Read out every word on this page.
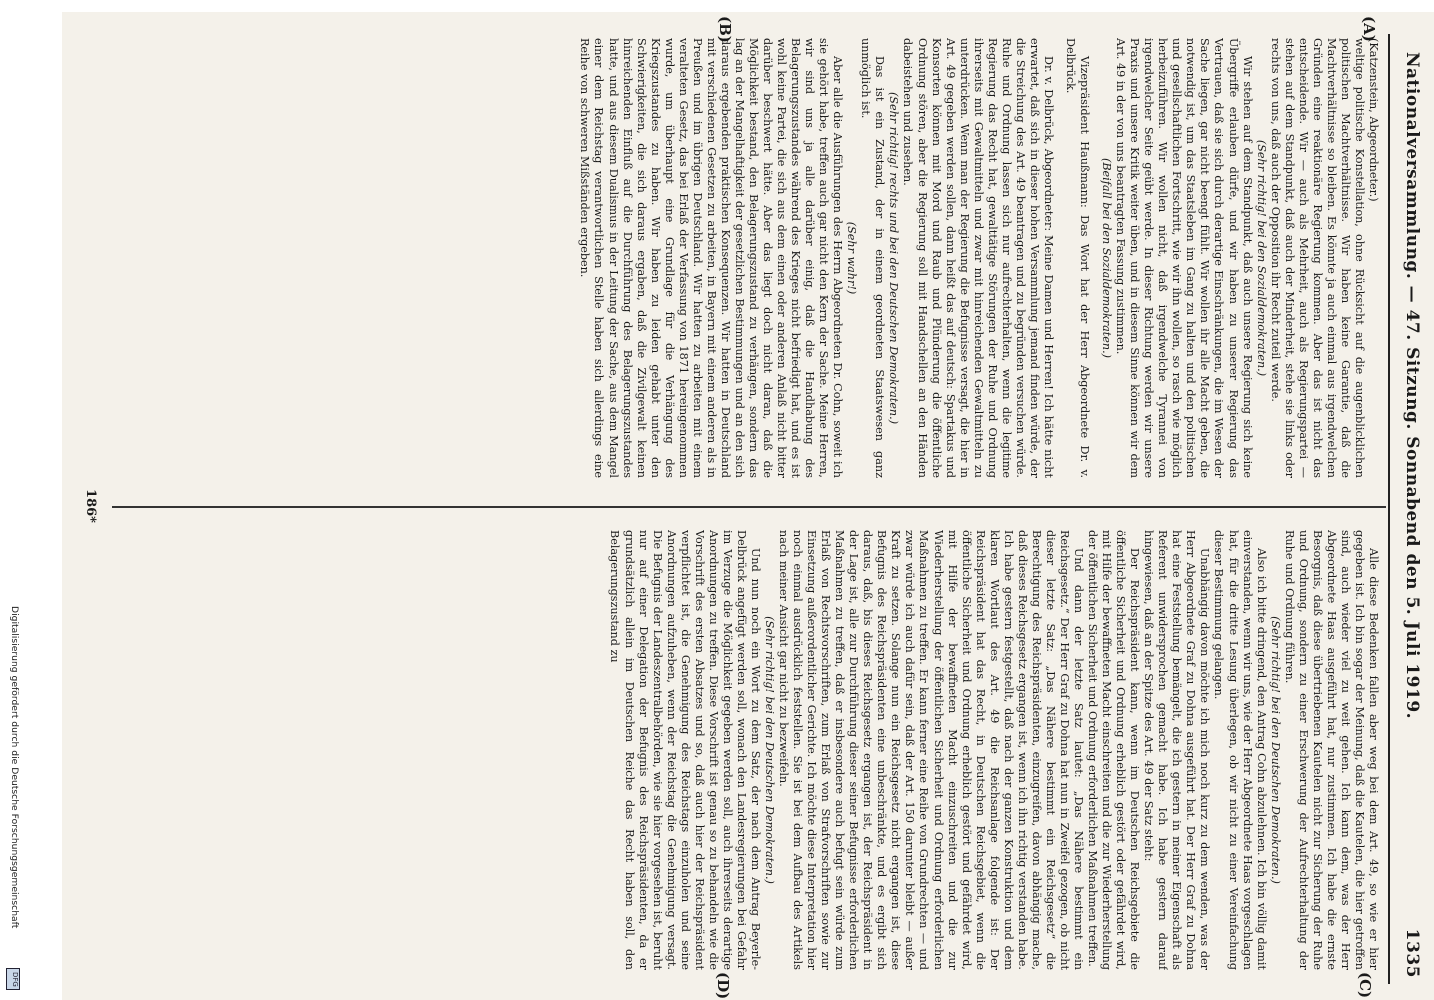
Nationalversammlung. — 47. Sitzung. Sonnabend den 5. Juli 1919.
1335
(A)
(B)
(C)
(D)

(Katzenstein, Abgeordneter.)

weltige politische Konstellation, ohne Rücksicht auf die augenblicklichen politischen Machtverhältnisse. Wir haben keine Garantie, daß die Machtverhältnisse so bleiben. Es könnte ja auch einmal aus irgendwelchen Gründen eine reaktionäre Regierung kommen. Aber das ist nicht das entscheidende. Wir — auch als Mehrheit, auch als Regierungspartei — stehen auf dem Standpunkt, daß auch der Minderheit, stehe sie links oder rechts von uns, daß auch der Opposition ihr Recht zuteil werde.

(Sehr richtig! bei den Sozialdemokraten.)

Wir stehen auf dem Standpunkt, daß auch unsere Regierung sich keine Übergriffe erlauben dürfe, und wir haben zu unserer Regierung das Vertrauen, daß sie sich durch derartige Einschränkungen, die im Wesen der Sache liegen, gar nicht beengt fühlt. Wir wollen ihr alle Macht geben, die notwendig ist, um das Staatsleben im Gang zu halten und den politischen und gesellschaftlichen Fortschritt, wie wir ihn wollen, so rasch wie möglich herbeizuführen. Wir wollen nicht, daß irgendwelche Tyrannei von irgendwelcher Seite geübt werde. In dieser Richtung werden wir unsere Praxis und unsere Kritik weiter üben, und in diesem Sinne können wir dem Art. 49 in der von uns beantragten Fassung zustimmen.

(Beifall bei den Sozialdemokraten.)

Vizepräsident Haußmann: Das Wort hat der Herr Abgeordnete Dr. v. Delbrück.

Dr. v. Delbrück, Abgeordneter: Meine Damen und Herren! Ich hätte nicht erwartet, daß sich in dieser hohen Versammlung jemand finden würde, der die Streichung des Art. 49 beantragen und zu begründen versuchen würde. Ruhe und Ordnung lassen sich nur aufrechterhalten, wenn die legitime Regierung das Recht hat, gewalttätige Störungen der Ruhe und Ordnung ihrerseits mit Gewaltmitteln und zwar mit hinreichenden Gewaltmitteln zu unterdrücken. Wenn man der Regierung die Befugnisse versagt, die hier in Art. 49 gegeben werden sollen, dann heißt das auf deutsch: Spartakus und Konsorten können mit Mord und Raub und Plünderung die öffentliche Ordnung stören, aber die Regierung soll mit Handschellen an den Händen dabeistehen und zusehen.

(Sehr richtig! rechts und bei den Deutschen Demokraten.)

Das ist ein Zustand, der in einem geordneten Staatswesen ganz unmöglich ist.

(Sehr wahr!)

Aber alle die Ausführungen des Herrn Abgeordneten Dr. Cohn, soweit ich sie gehört habe, treffen auch gar nicht den Kern der Sache. Meine Herren, wir sind uns ja alle darüber einig, daß die Handhabung des Belagerungszustandes während des Krieges nicht befriedigt hat, und es ist wohl keine Partei, die sich aus dem einen oder anderen Anlaß nicht bitter darüber beschwert hätte. Aber das liegt doch nicht daran, daß die Möglichkeit bestand, den Belagerungszustand zu verhängen, sondern das lag an der Mangelhaftigkeit der gesetzlichen Bestimmungen und an den sich daraus ergebenden praktischen Konsequenzen. Wir hatten in Deutschland mit verschiedenen Gesetzen zu arbeiten, in Bayern mit einem anderen als in Preußen und im übrigen Deutschland. Wir hatten zu arbeiten mit einem veralteten Gesetz, das bei Erlaß der Verfassung von 1871 hereingenommen wurde, um überhaupt eine Grundlage für die Verhängung des Kriegszustandes zu haben. Wir haben zu leiden gehabt unter den Schwierigkeiten, die sich daraus ergaben, daß die Zivilgewalt keinen hinreichenden Einfluß auf die Durchführung des Belagerungszustandes hatte, und aus diesem Dualismus in der Leitung der Sache, aus dem Mangel einer dem Reichstag verantwortlichen Stelle haben sich allerdings eine Reihe von schweren Mißständen ergeben.

Alle diese Bedenken fallen aber weg bei dem Art. 49, so wie er hier gegeben ist. Ich bin sogar der Meinung, daß die Kautelen, die hier getroffen sind, auch wieder viel zu weit gehen. Ich kann dem, was der Herr Abgeordnete Haas ausgeführt hat, nur zustimmen. Ich habe die ernste Besorgnis, daß diese übertriebenen Kautelen nicht zur Sicherung der Ruhe und Ordnung, sondern zu einer Erschwerung der Aufrechterhaltung der Ruhe und Ordnung führen.

(Sehr richtig! bei den Deutschen Demokraten.)

Also ich bitte dringend, den Antrag Cohn abzulehnen. Ich bin völlig damit einverstanden, wenn wir uns, wie der Herr Abgeordnete Haas vorgeschlagen hat, für die dritte Lesung überlegen, ob wir nicht zu einer Vereinfachung dieser Bestimmung gelangen.

Unabhängig davon möchte ich mich noch kurz zu dem wenden, was der Herr Abgeordnete Graf zu Dohna ausgeführt hat. Der Herr Graf zu Dohna hat eine Feststellung bemängelt, die ich gestern in meiner Eigenschaft als Referent unwidersprochen gemacht habe. Ich habe gestern darauf hingewiesen, daß an der Spitze des Art. 49 der Satz steht:

Der Reichspräsident kann, wenn im Deutschen Reichsgebiete die öffentliche Sicherheit und Ordnung erheblich gestört oder gefährdet wird, mit Hilfe der bewaffneten Macht einschreiten und die zur Wiederherstellung der öffentlichen Sicherheit und Ordnung erforderlichen Maßnahmen treffen.

Und dann der letzte Satz lautet: „Das Nähere bestimmt ein Reichsgesetz.“ Der Herr Graf zu Dohna hat nun in Zweifel gezogen, ob nicht dieser letzte Satz: „Das Nähere bestimmt ein Reichsgesetz“ die Berechtigung des Reichspräsidenten, einzugreifen, davon abhängig mache, daß dieses Reichsgesetz ergangen ist, wenn ich ihn richtig verstanden habe. Ich habe gestern festgestellt, daß nach der ganzen Konstruktion und dem klaren Wortlaut des Art. 49 die Reichsanlage folgende ist: Der Reichspräsident hat das Recht, in Deutschen Reichsgebiet, wenn die öffentliche Sicherheit und Ordnung erheblich gestört und gefährdet wird, mit Hilfe der bewaffneten Macht einzuschreiten und die zur Wiederherstellung der öffentlichen Sicherheit und Ordnung erforderlichen Maßnahmen zu treffen. Er kann ferner eine Reihe von Grundrechten — und zwar würde ich auch dafür sein, daß der Art. 150 darunter bleibt — außer Kraft zu setzen. Solange nun ein Reichsgesetz nicht ergangen ist, diese Befugnis des Reichspräsidenten eine unbeschränkte, und es ergibt sich daraus, daß, bis dieses Reichsgesetz ergangen ist, der Reichspräsident in der Lage ist, alle zur Durchführung dieser seiner Befugnisse erforderlichen Maßnahmen zu treffen, daß er insbesondere auch befugt sein würde zum Erlaß von Rechtsvorschriften, zum Erlaß von Strafvorschriften sowie zur Einsetzung außerordentlicher Gerichte. Ich möchte diese Interpretation hier noch einmal ausdrücklich feststellen. Sie ist bei dem Aufbau des Artikels nach meiner Ansicht gar nicht zu bezweifeln.

(Sehr richtig! bei den Deutschen Demokraten.)

Und nun noch ein Wort zu dem Satz, der nach dem Antrag Beyerle-Delbrück angefügt werden soll, wonach den Landesregierungen bei Gefahr im Verzuge die Möglichkeit gegeben werden soll, auch ihrerseits derartige Anordnungen zu treffen. Diese Vorschrift ist genau so zu behandeln wie die Vorschrift des ersten Absatzes und so, daß auch hier der Reichspräsident verpflichtet ist, die Genehmigung des Reichstags einzuholen und seine Anordnungen aufzuheben, wenn der Reichstag die Genehmigung versagt. Die Befugnis der Landeszentralbehörden, wie sie hier vorgesehen ist, beruht nur auf einer Delegation der Befugnis des Reichspräsidenten, da er grundsätzlich allein im Deutschen Reiche das Recht haben soll, den Belagerungszustand zu

186*
Digitalisierung gefördert durch die Deutsche Forschungsgemeinschaft
DFG
